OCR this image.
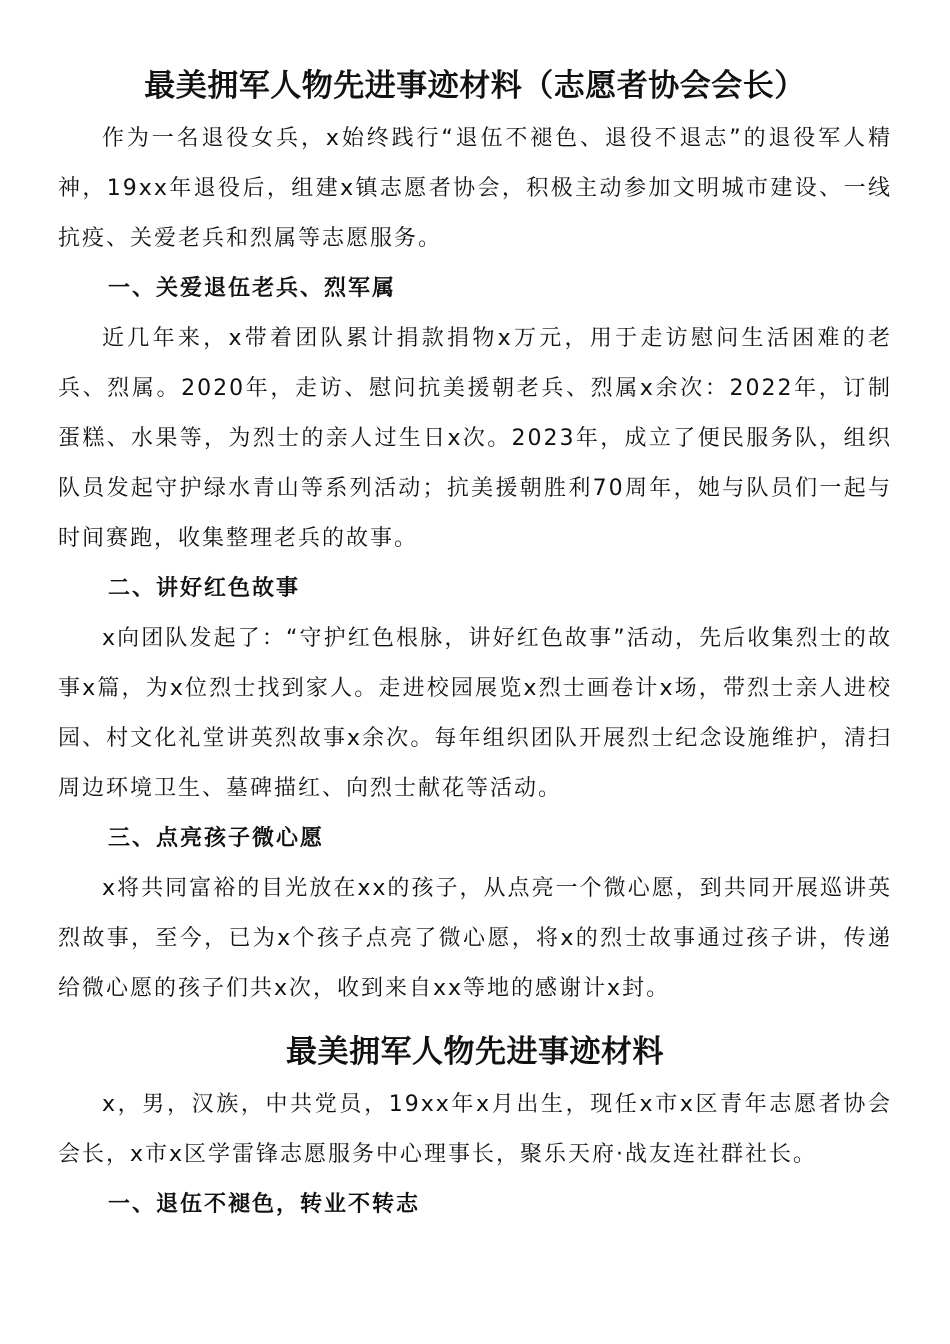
最美拥军人物先进事迹材料（志愿者协会会长）

作为一名退役女兵，x始终践行“退伍不褪色、退役不退志”的退役军人精神，19xx年退役后，组建x镇志愿者协会，积极主动参加文明城市建设、一线抗疫、关爱老兵和烈属等志愿服务。

一、关爱退伍老兵、烈军属

近几年来，x带着团队累计捐款捐物x万元，用于走访慰问生活困难的老兵、烈属。2020年，走访、慰问抗美援朝老兵、烈属x余次：2022年，订制蛋糕、水果等，为烈士的亲人过生日x次。2023年，成立了便民服务队，组织队员发起守护绿水青山等系列活动；抗美援朝胜利70周年，她与队员们一起与时间赛跑，收集整理老兵的故事。

二、讲好红色故事

x向团队发起了：“守护红色根脉，讲好红色故事”活动，先后收集烈士的故事x篇，为x位烈士找到家人。走进校园展览x烈士画卷计x场，带烈士亲人进校园、村文化礼堂讲英烈故事x余次。每年组织团队开展烈士纪念设施维护，清扫周边环境卫生、墓碑描红、向烈士献花等活动。

三、点亮孩子微心愿

x将共同富裕的目光放在xx的孩子，从点亮一个微心愿，到共同开展巡讲英烈故事，至今，已为x个孩子点亮了微心愿，将x的烈士故事通过孩子讲，传递给微心愿的孩子们共x次，收到来自xx等地的感谢计x封。

最美拥军人物先进事迹材料

x，男，汉族，中共党员，19xx年x月出生，现任x市x区青年志愿者协会会长，x市x区学雷锋志愿服务中心理事长，聚乐天府·战友连社群社长。

一、退伍不褪色，转业不转志
